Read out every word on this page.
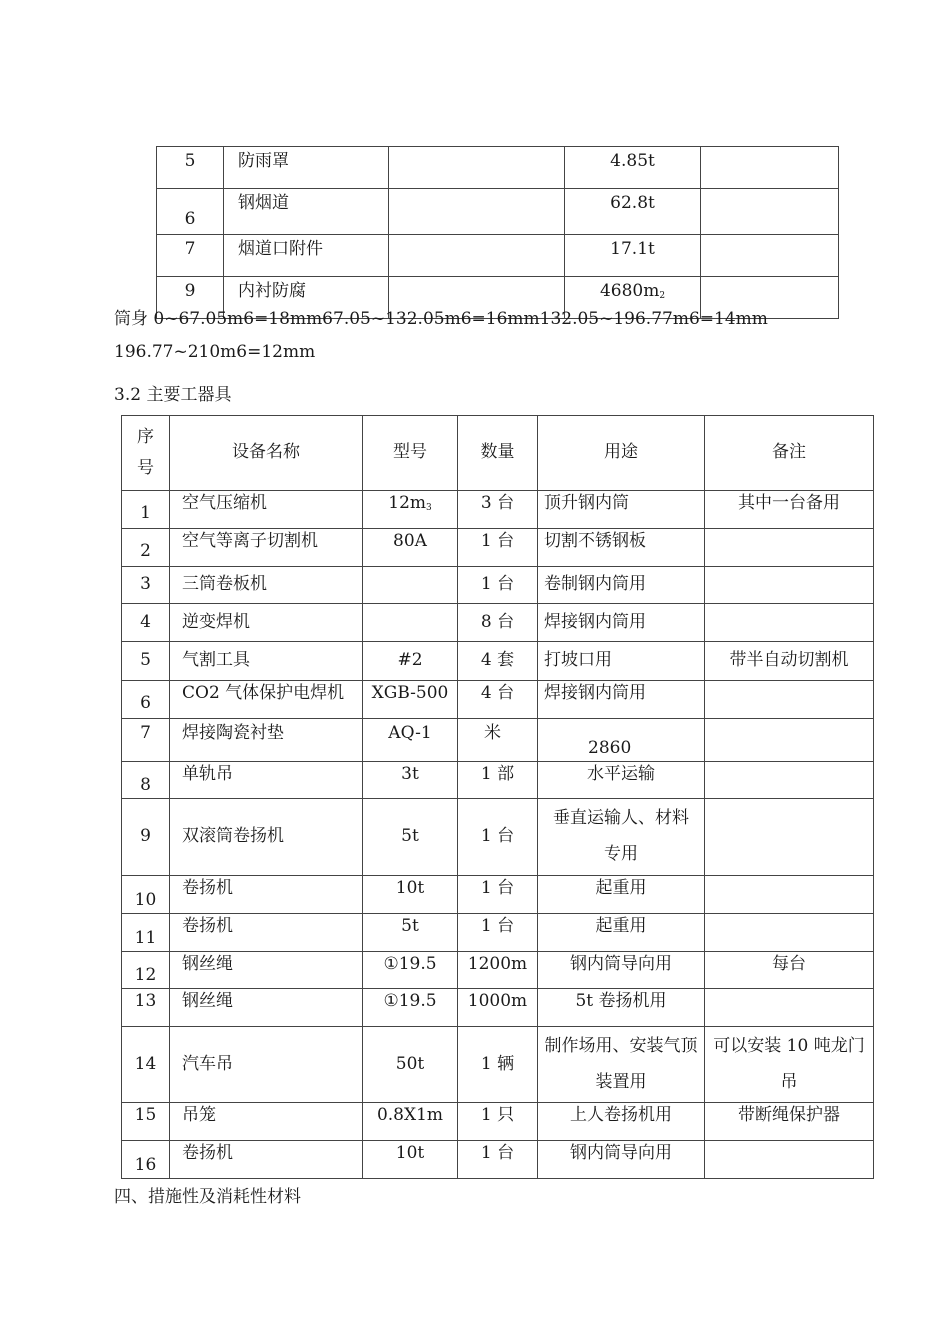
5	防雨罩		4.85t	
6	钢烟道		62.8t	
7	烟道口附件		17.1t	
9	内衬防腐		$4680m_2$	
筒身 0~67.05m6=18mm67.05~132.05m6=16mm132.05~196.77m6=14mm
196.77~210m6=12mm
3.2 主要工器具
序号	设备名称	型号	数量	用途	备注
1	空气压缩机	$12m_3$	3 台	顶升钢内筒	其中一台备用
2	空气等离子切割机	80A	1 台	切割不锈钢板	
3	三筒卷板机		1 台	卷制钢内筒用	
4	逆变焊机		8 台	焊接钢内筒用	
5	气割工具	#2	4 套	打坡口用	带半自动切割机
6	CO2 气体保护电焊机	XGB-500	4 台	焊接钢内筒用	
7	焊接陶瓷衬垫	AQ-1	米	2860	
8	单轨吊	3t	1 部	水平运输	
9	双滚筒卷扬机	5t	1 台	垂直运输人、材料专用	
10	卷扬机	10t	1 台	起重用	
11	卷扬机	5t	1 台	起重用	
12	钢丝绳	①19.5	1200m	钢内筒导向用	每台
13	钢丝绳	①19.5	1000m	5t 卷扬机用	
14	汽车吊	50t	1 辆	制作场用、安装气顶装置用	可以安装 10 吨龙门吊
15	吊笼	0.8X1m	1 只	上人卷扬机用	带断绳保护器
16	卷扬机	10t	1 台	钢内筒导向用	
四、措施性及消耗性材料
